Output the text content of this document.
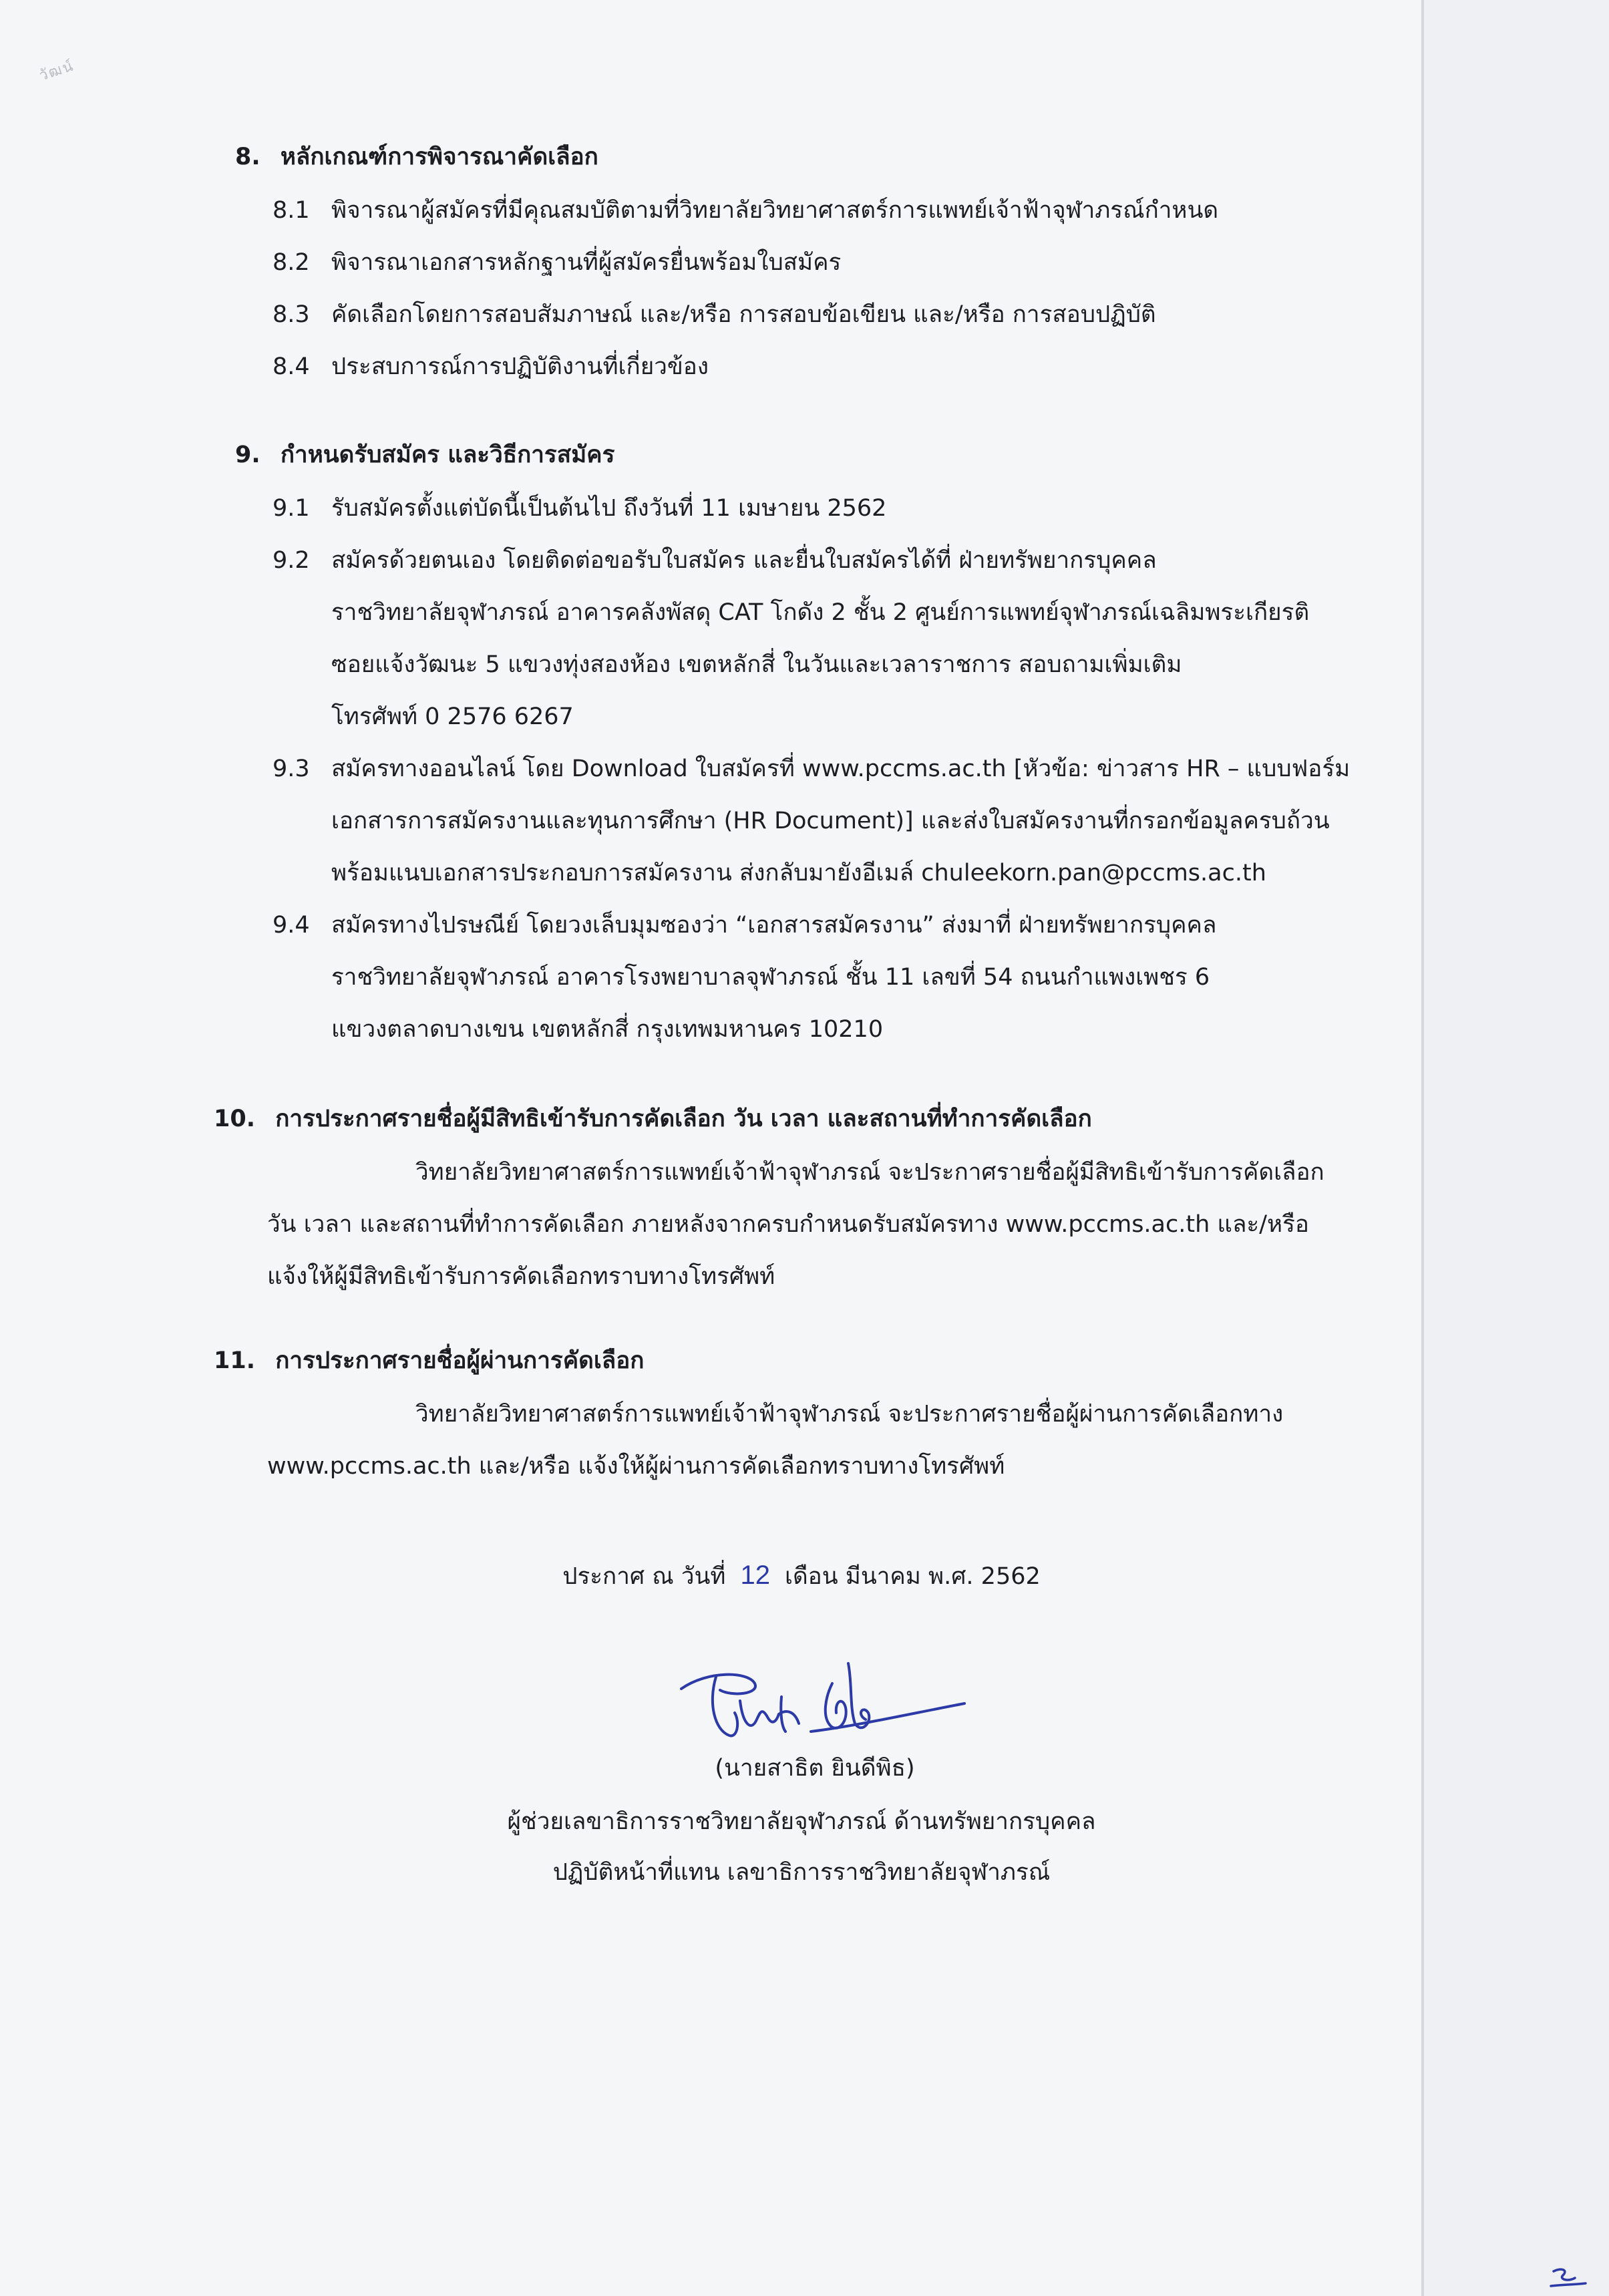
วัฒน์
8. หลักเกณฑ์การพิจารณาคัดเลือก
8.1 พิจารณาผู้สมัครที่มีคุณสมบัติตามที่วิทยาลัยวิทยาศาสตร์การแพทย์เจ้าฟ้าจุฬาภรณ์กำหนด
8.2 พิจารณาเอกสารหลักฐานที่ผู้สมัครยื่นพร้อมใบสมัคร
8.3 คัดเลือกโดยการสอบสัมภาษณ์ และ/หรือ การสอบข้อเขียน และ/หรือ การสอบปฏิบัติ
8.4 ประสบการณ์การปฏิบัติงานที่เกี่ยวข้อง
9. กำหนดรับสมัคร และวิธีการสมัคร
9.1 รับสมัครตั้งแต่บัดนี้เป็นต้นไป ถึงวันที่ 11 เมษายน 2562
9.2 สมัครด้วยตนเอง โดยติดต่อขอรับใบสมัคร และยื่นใบสมัครได้ที่ ฝ่ายทรัพยากรบุคคล
ราชวิทยาลัยจุฬาภรณ์ อาคารคลังพัสดุ CAT โกดัง 2 ชั้น 2 ศูนย์การแพทย์จุฬาภรณ์เฉลิมพระเกียรติ
ซอยแจ้งวัฒนะ 5 แขวงทุ่งสองห้อง เขตหลักสี่ ในวันและเวลาราชการ สอบถามเพิ่มเติม
โทรศัพท์ 0 2576 6267
9.3 สมัครทางออนไลน์ โดย Download ใบสมัครที่ www.pccms.ac.th [หัวข้อ: ข่าวสาร HR – แบบฟอร์ม
เอกสารการสมัครงานและทุนการศึกษา (HR Document)] และส่งใบสมัครงานที่กรอกข้อมูลครบถ้วน
พร้อมแนบเอกสารประกอบการสมัครงาน ส่งกลับมายังอีเมล์ chuleekorn.pan@pccms.ac.th
9.4 สมัครทางไปรษณีย์ โดยวงเล็บมุมซองว่า “เอกสารสมัครงาน” ส่งมาที่ ฝ่ายทรัพยากรบุคคล
ราชวิทยาลัยจุฬาภรณ์ อาคารโรงพยาบาลจุฬาภรณ์ ชั้น 11 เลขที่ 54 ถนนกำแพงเพชร 6
แขวงตลาดบางเขน เขตหลักสี่ กรุงเทพมหานคร 10210
10. การประกาศรายชื่อผู้มีสิทธิเข้ารับการคัดเลือก วัน เวลา และสถานที่ทำการคัดเลือก
วิทยาลัยวิทยาศาสตร์การแพทย์เจ้าฟ้าจุฬาภรณ์ จะประกาศรายชื่อผู้มีสิทธิเข้ารับการคัดเลือก
วัน เวลา และสถานที่ทำการคัดเลือก ภายหลังจากครบกำหนดรับสมัครทาง www.pccms.ac.th และ/หรือ
แจ้งให้ผู้มีสิทธิเข้ารับการคัดเลือกทราบทางโทรศัพท์
11. การประกาศรายชื่อผู้ผ่านการคัดเลือก
วิทยาลัยวิทยาศาสตร์การแพทย์เจ้าฟ้าจุฬาภรณ์ จะประกาศรายชื่อผู้ผ่านการคัดเลือกทาง
www.pccms.ac.th และ/หรือ แจ้งให้ผู้ผ่านการคัดเลือกทราบทางโทรศัพท์
ประกาศ ณ วันที่ 12 เดือน มีนาคม พ.ศ. 2562
(นายสาธิต ยินดีพิธ)
ผู้ช่วยเลขาธิการราชวิทยาลัยจุฬาภรณ์ ด้านทรัพยากรบุคคล
ปฏิบัติหน้าที่แทน เลขาธิการราชวิทยาลัยจุฬาภรณ์
